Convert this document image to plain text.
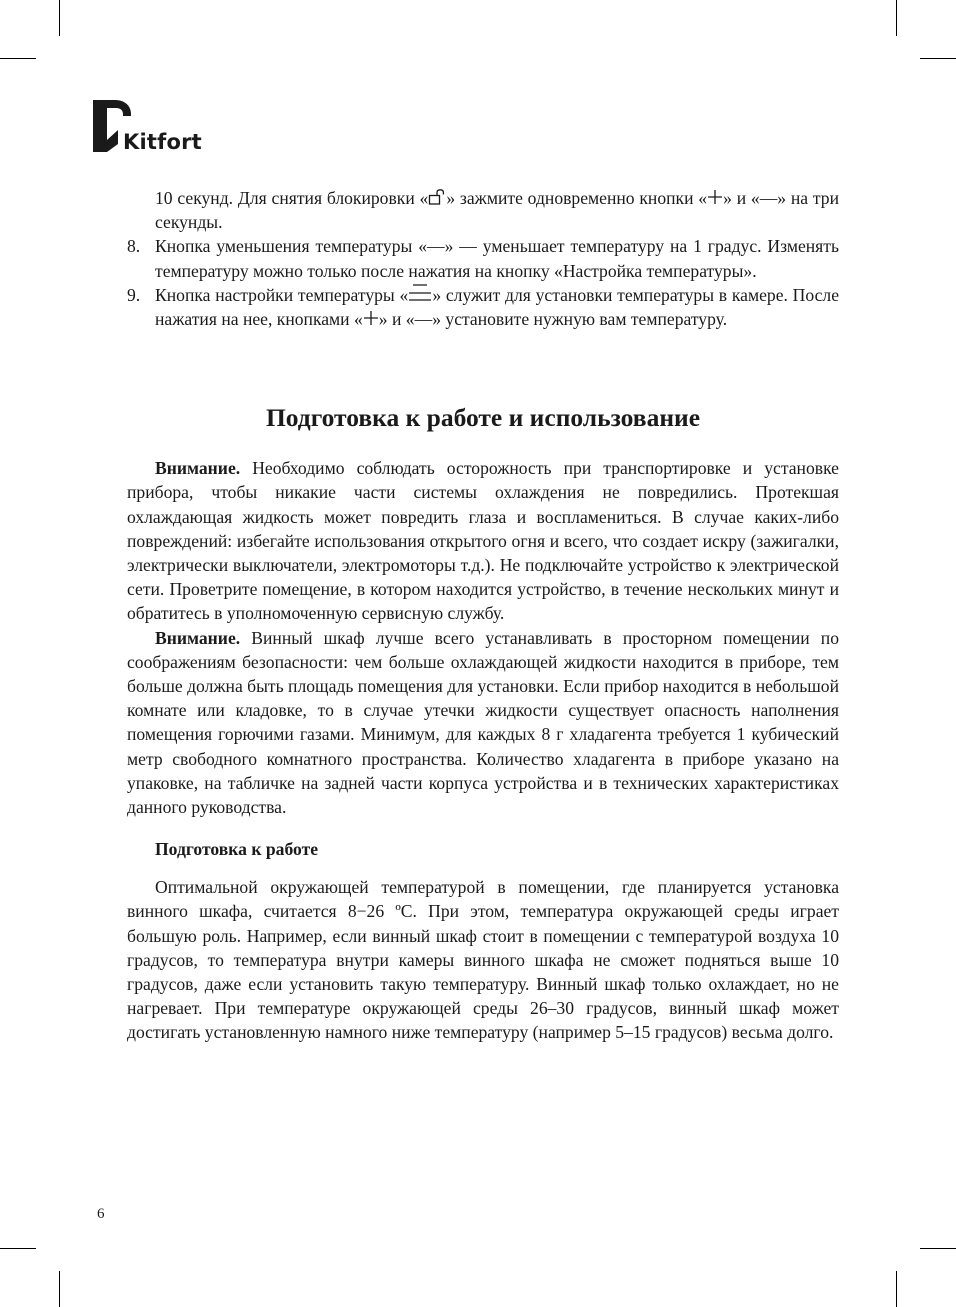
Kitfort

10 секунд. Для снятия блокировки « » зажмите одновременно кнопки « » и «—» на три секунды.

8. Кнопка уменьшения температуры «—» — уменьшает температуру на 1 градус. Изменять температуру можно только после нажатия на кнопку «Настройка температуры».
9. Кнопка настройки температуры « » служит для установки температуры в камере. После нажатия на нее, кнопками « » и «—» установите нужную вам температуру.
Подготовка к работе и использование

Внимание. Необходимо соблюдать осторожность при транспортировке и установке прибора, чтобы никакие части системы охлаждения не повредились. Протекшая охлаждающая жидкость может повредить глаза и воспламениться. В случае каких-либо повреждений: избегайте использования открытого огня и всего, что создает искру (зажигалки, электрически выключатели, электромоторы т.д.). Не подключайте устройство к электрической сети. Проветрите помещение, в котором находится устройство, в течение нескольких минут и обратитесь в уполномоченную сервисную службу.

Внимание. Винный шкаф лучше всего устанавливать в просторном помещении по соображениям безопасности: чем больше охлаждающей жидкости находится в приборе, тем больше должна быть площадь помещения для установки. Если прибор находится в небольшой комнате или кладовке, то в случае утечки жидкости существует опасность наполнения помещения горючими газами. Минимум, для каждых 8 г хладагента требуется 1 кубический метр свободного комнатного пространства. Количество хладагента в приборе указано на упаковке, на табличке на задней части корпуса устройства и в технических характеристиках данного руководства.

Подготовка к работе

Оптимальной окружающей температурой в помещении, где планируется установка винного шкафа, считается 8−26 ºС. При этом, температура окружающей среды играет большую роль. Например, если винный шкаф стоит в помещении с температурой воздуха 10 градусов, то температура внутри камеры винного шкафа не сможет подняться выше 10 градусов, даже если установить такую температуру. Винный шкаф только охлаждает, но не нагревает. При температуре окружающей среды 26–30 градусов, винный шкаф может достигать установленную намного ниже температуру (например 5–15 градусов) весьма долго.

6
